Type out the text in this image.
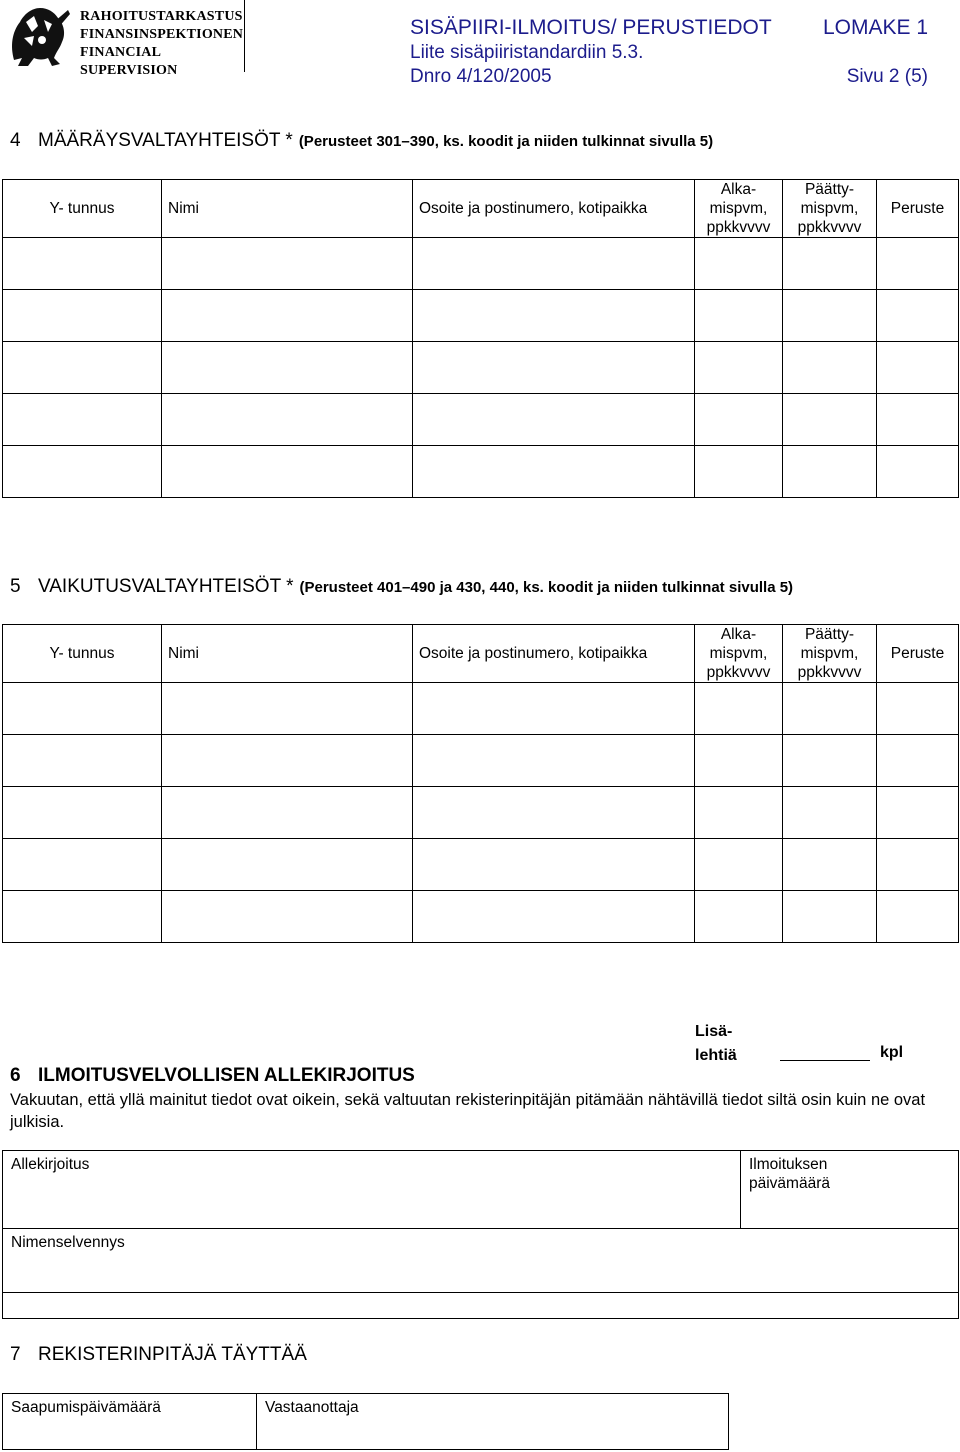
RAHOITUSTARKASTUS
FINANSINSPEKTIONEN
FINANCIAL SUPERVISION
SISÄPIIRI-ILMOITUS/ PERUSTIEDOT LOMAKE 1
Liite sisäpiiristandardiin 5.3.
Dnro 4/120/2005	Sivu 2 (5)
4 MÄÄRÄYSVALTAYHTEISÖT * (Perusteet 301–390, ks. koodit ja niiden tulkinnat sivulla 5)
Y- tunnus	Nimi	Osoite ja postinumero, kotipaikka	Alka- mispvm, ppkkvvvv	Päätty- mispvm, ppkkvvvv	Peruste

5 VAIKUTUSVALTAYHTEISÖT * (Perusteet 401–490 ja 430, 440, ks. koodit ja niiden tulkinnat sivulla 5)
Y- tunnus	Nimi	Osoite ja postinumero, kotipaikka	Alka- mispvm, ppkkvvvv	Päätty- mispvm, ppkkvvvv	Peruste

Lisä-
lehtiä	kpl
6 ILMOITUSVELVOLLISEN ALLEKIRJOITUS
Vakuutan, että yllä mainitut tiedot ovat oikein, sekä valtuutan rekisterinpitäjän pitämään nähtävillä tiedot siltä osin kuin ne ovat julkisia.
Allekirjoitus	Ilmoituksen
päivämäärä

Nimenselvennys

7 REKISTERINPITÄJÄ TÄYTTÄÄ
Saapumispäivämäärä	Vastaanottaja
